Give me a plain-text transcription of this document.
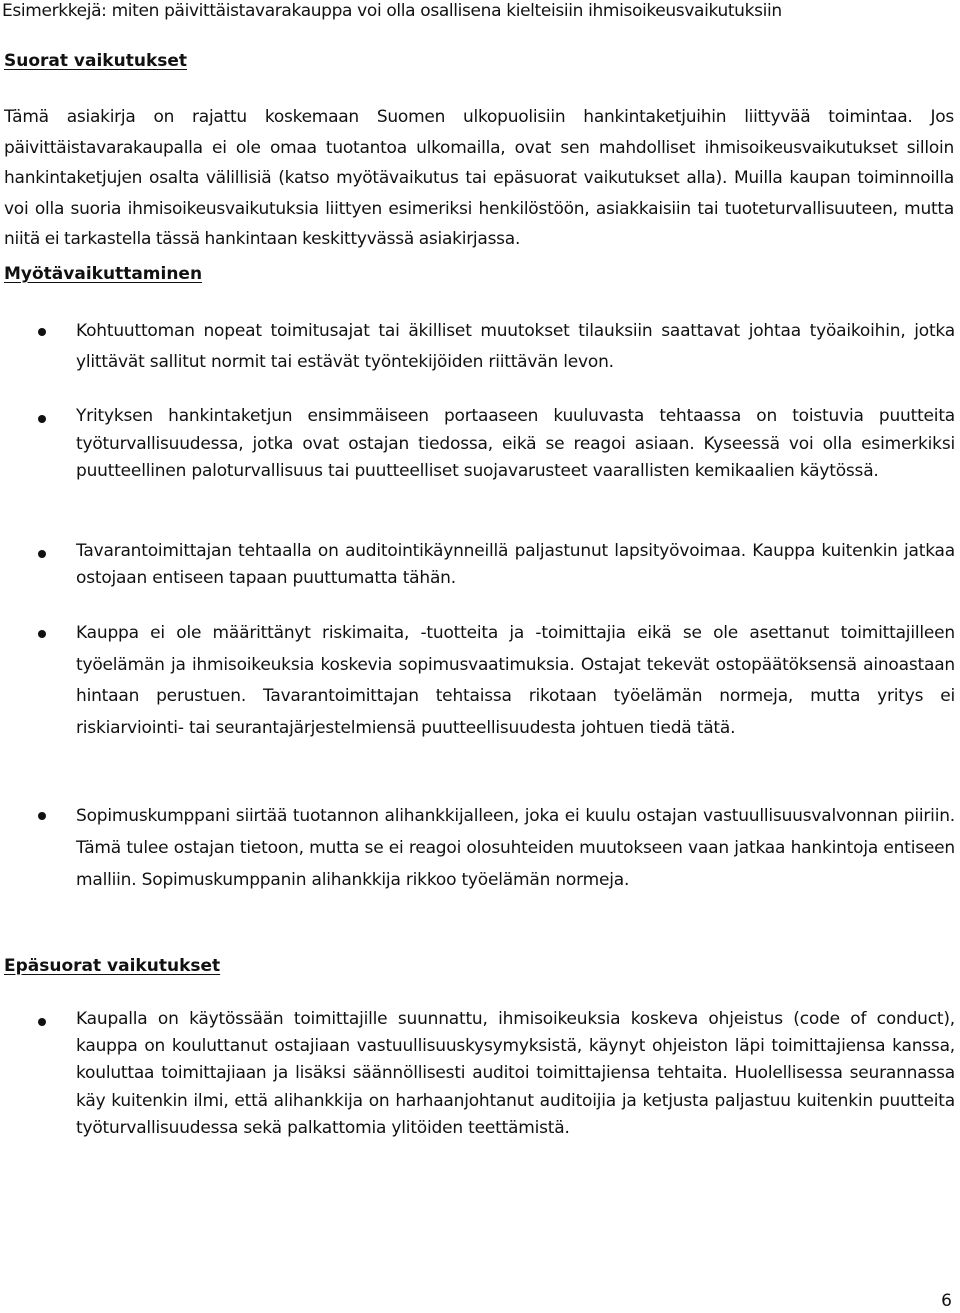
Esimerkkejä: miten päivittäistavarakauppa voi olla osallisena kielteisiin ihmisoikeusvaikutuksiin
Suorat vaikutukset

Tämä asiakirja on rajattu koskemaan Suomen ulkopuolisiin hankintaketjuihin liittyvää toimintaa. Jos päivittäistavarakaupalla ei ole omaa tuotantoa ulkomailla, ovat sen mahdolliset ihmisoikeusvaikutukset silloin hankintaketjujen osalta välillisiä (katso myötävaikutus tai epäsuorat vaikutukset alla). Muilla kaupan toiminnoilla voi olla suoria ihmisoikeusvaikutuksia liittyen esimeriksi henkilöstöön, asiakkaisiin tai tuoteturvallisuuteen, mutta niitä ei tarkastella tässä hankintaan keskittyvässä asiakirjassa.

Myötävaikuttaminen

Kohtuuttoman nopeat toimitusajat tai äkilliset muutokset tilauksiin saattavat johtaa työaikoihin, jotka ylittävät sallitut normit tai estävät työntekijöiden riittävän levon.

Yrityksen hankintaketjun ensimmäiseen portaaseen kuuluvasta tehtaassa on toistuvia puutteita työturvallisuudessa, jotka ovat ostajan tiedossa, eikä se reagoi asiaan. Kyseessä voi olla esimerkiksi puutteellinen paloturvallisuus tai puutteelliset suojavarusteet vaarallisten kemikaalien käytössä.

Tavarantoimittajan tehtaalla on auditointikäynneillä paljastunut lapsityövoimaa. Kauppa kuitenkin jatkaa ostojaan entiseen tapaan puuttumatta tähän.

Kauppa ei ole määrittänyt riskimaita, -tuotteita ja -toimittajia eikä se ole asettanut toimittajilleen työelämän ja ihmisoikeuksia koskevia sopimusvaatimuksia. Ostajat tekevät ostopäätöksensä ainoastaan hintaan perustuen. Tavarantoimittajan tehtaissa rikotaan työelämän normeja, mutta yritys ei riskiarviointi- tai seurantajärjestelmiensä puutteellisuudesta johtuen tiedä tätä.

Sopimuskumppani siirtää tuotannon alihankkijalleen, joka ei kuulu ostajan vastuullisuusvalvonnan piiriin. Tämä tulee ostajan tietoon, mutta se ei reagoi olosuhteiden muutokseen vaan jatkaa hankintoja entiseen malliin. Sopimuskumppanin alihankkija rikkoo työelämän normeja.

Epäsuorat vaikutukset

Kaupalla on käytössään toimittajille suunnattu, ihmisoikeuksia koskeva ohjeistus (code of conduct), kauppa on kouluttanut ostajiaan vastuullisuuskysymyksistä, käynyt ohjeiston läpi toimittajiensa kanssa, kouluttaa toimittajiaan ja lisäksi säännöllisesti auditoi toimittajiensa tehtaita. Huolellisessa seurannassa käy kuitenkin ilmi, että alihankkija on harhaanjohtanut auditoijia ja ketjusta paljastuu kuitenkin puutteita työturvallisuudessa sekä palkattomia ylitöiden teettämistä.

6
